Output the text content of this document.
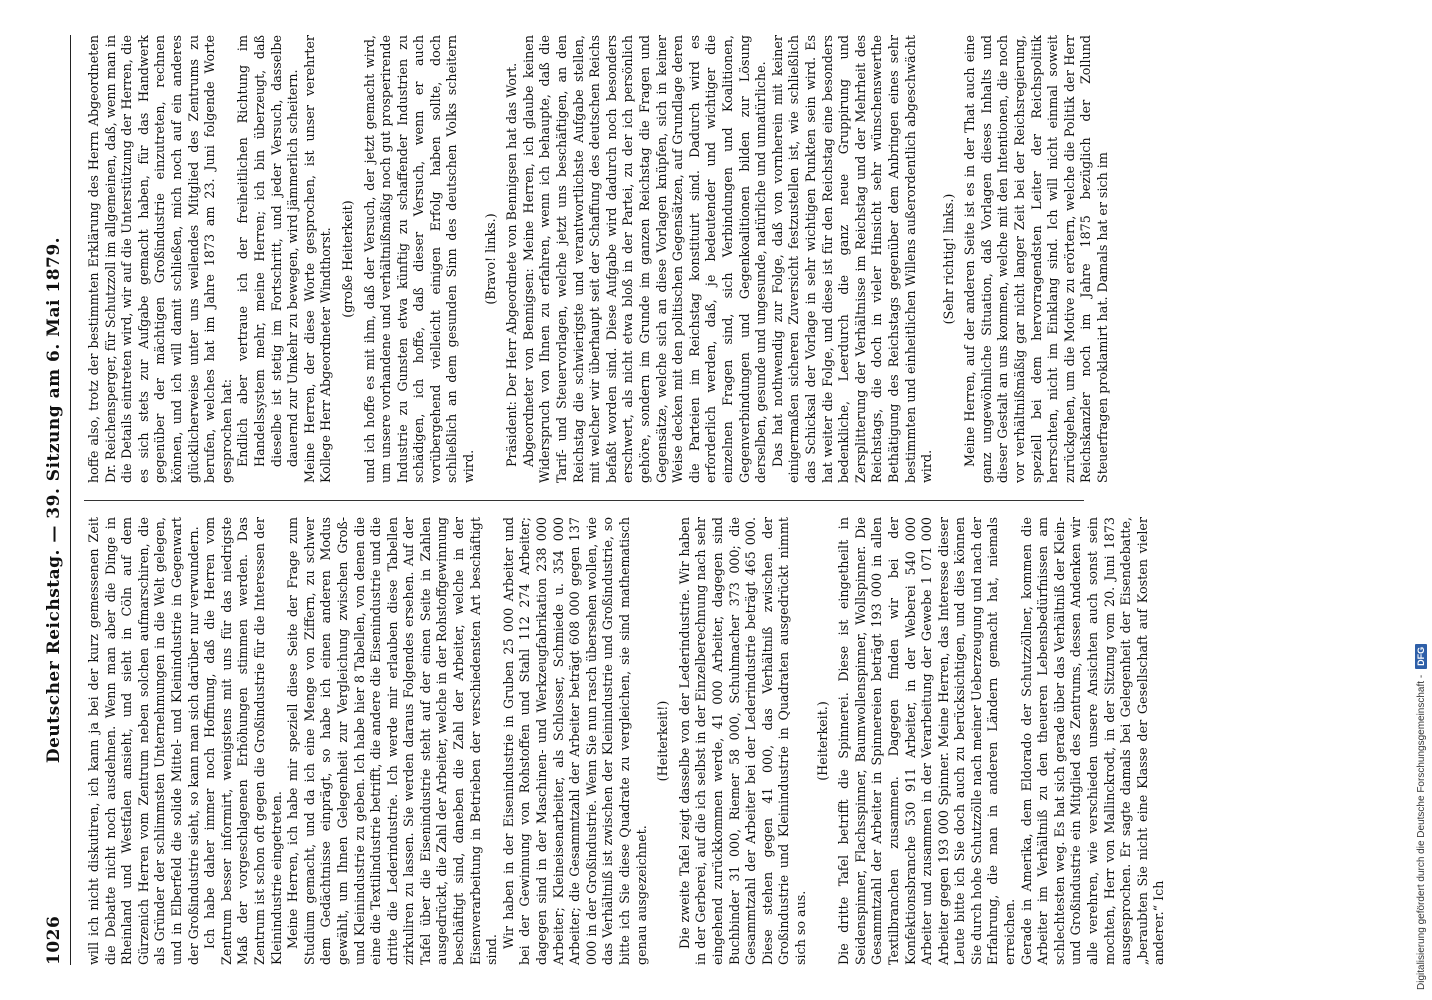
1026
Deutscher Reichstag. — 39. Sitzung am 6. Mai 1879. will ich nicht diskutiren, ich kann ja bei der kurz gemessenen Zeit die Debatte nicht noch ausdehnen. Wenn man aber die Dinge in Rheinland und Westfalen ansieht, und sieht in Cöln auf dem Gürzenich Herren vom Zentrum neben solchen aufmarschiren, die als Gründer der schlimmsten Unternehmungen in die Welt gelegen, und in Elberfeld die solide Mittel- und Kleinindustrie in Gegenwart der Großindustrie sieht, so kann man sich darüber nur verwundern. Ich habe daher immer noch Hoffnung, daß die Herren vom Zentrum besser informirt, wenigstens mit uns für das niedrigste Maß der vorgeschlagenen Erhöhungen stimmen werden. Das Zentrum ist schon oft gegen die Großindustrie für die Interessen der Kleinindustrie eingetreten. Meine Herren, ich habe mir speziell diese Seite der Frage zum Studium gemacht, und da ich eine Menge von Ziffern, zu schwer dem Gedächtnisse einprägt, so habe ich einen anderen Modus gewählt, um Ihnen Gelegenheit zur Vergleichung zwischen Groß- und Kleinindustrie zu geben. Ich habe hier 8 Tabellen, von denen die eine die Textilindustrie betrifft, die andere die Eisenindustrie und die dritte die Lederindustrie. Ich werde mir erlauben diese Tabellen zirkuliren zu lassen. Sie werden daraus Folgendes ersehen. Auf der Tafel über die Eisenindustrie steht auf der einen Seite in Zahlen ausgedrückt, die Zahl der Arbeiter, welche in der Rohstoffgewinnung beschäftigt sind, daneben die Zahl der Arbeiter, welche in der Eisenverarbeitung in Betrieben der verschiedensten Art beschäftigt sind.

Wir haben in der Eisenindustrie in Gruben 25 000 Arbeiter und bei der Gewinnung von Rohstoffen und Stahl 112 274 Arbeiter; dagegen sind in der Maschinen- und Werkzeugfabrikation 238 000 Arbeiter; Kleineisenarbeiter, als Schlosser, Schmiede u. 354 000 Arbeiter; die Gesammtzahl der Arbeiter beträgt 608 000 gegen 137 000 in der Großindustrie. Wenn Sie nun rasch übersehen wollen, wie das Verhältniß ist zwischen der Kleinindustrie und Großindustrie, so bitte ich Sie diese Quadrate zu vergleichen, sie sind mathematisch genau ausgezeichnet.

(Heiterkeit!) Die zweite Tafel zeigt dasselbe von der Lederindustrie. Wir haben in der Gerberei, auf die ich selbst in der Einzelberechnung nach sehr eingehend zurückkommen werde, 41 000 Arbeiter, dagegen sind Buchbinder 31 000, Riemer 58 000, Schuhmacher 373 000; die Gesammtzahl der Arbeiter bei der Lederindustrie beträgt 465 000. Diese stehen gegen 41 000, das Verhältniß zwischen der Großindustrie und Kleinindustrie in Quadraten ausgedrückt nimmt sich so aus.

(Heiterkeit.) Die dritte Tafel betrifft die Spinnerei. Diese ist eingetheilt in Seidenspinner, Flachsspinner, Baumwollenspinner, Wollspinner. Die Gesammtzahl der Arbeiter in Spinnereien beträgt 193 000 in allen Textilbranchen zusammen. Dagegen finden wir bei der Konfektionsbranche 530 911 Arbeiter, in der Weberei 540 000 Arbeiter und zusammen in der Verarbeitung der Gewebe 1 071 000 Arbeiter gegen 193 000 Spinner. Meine Herren, das Interesse dieser Leute bitte ich Sie doch auch zu berücksichtigen, und dies können Sie durch hohe Schutzzölle nach meiner Ueberzeugung und nach der Erfahrung, die man in anderen Ländern gemacht hat, niemals erreichen. Gerade in Amerika, dem Eldorado der Schutzzöllner, kommen die Arbeiter im Verhältniß zu den theueren Lebensbedürfnissen am schlechtesten weg. Es hat sich gerade über das Verhältniß der Klein- und Großindustrie ein Mitglied des Zentrums, dessen Andenken wir alle verehren, wie verschieden unsere Ansichten auch sonst sein mochten, Herr von Mallinckrodt, in der Sitzung vom 20. Juni 1873 ausgesprochen. Er sagte damals bei Gelegenheit der Eisendebatte, „beraubten Sie nicht eine Klasse der Gesellschaft auf Kosten vieler anderer.“ Ich

hoffe also, trotz der bestimmten Erklärung des Herrn Abgeordneten Dr. Reichensperger, für Schutzzoll im allgemeinen, daß, wenn man in die Details eintreten wird, wir auf die Unterstützung der Herren, die es sich stets zur Aufgabe gemacht haben, für das Handwerk gegenüber der mächtigen Großindustrie einzutreten, rechnen können, und ich will damit schließen, mich noch auf ein anderes glücklicherweise unter uns weilendes Mitglied des Zentrums zu berufen, welches hat im Jahre 1873 am 23. Juni folgende Worte gesprochen hat: Endlich aber vertraue ich der freiheitlichen Richtung im Handelssystem mehr, meine Herren; ich bin überzeugt, daß dieselbe ist stetig im Fortschritt, und jeder Versuch, dasselbe dauernd zur Umkehr zu bewegen, wird jämmerlich scheitern. Meine Herren, der diese Worte gesprochen, ist unser verehrter Kollege Herr Abgeordneter Windthorst. (große Heiterkeit) und ich hoffe es mit ihm, daß der Versuch, der jetzt gemacht wird, um unsere vorhandene und verhältnißmäßig noch gut prosperirende Industrie zu Gunsten etwa künftig zu schaffender Industrien zu schädigen, ich hoffe, daß dieser Versuch, wenn er auch vorübergehend vielleicht einigen Erfolg haben sollte, doch schließlich an dem gesunden Sinn des deutschen Volks scheitern wird.

(Bravo! links.) Präsident: Der Herr Abgeordnete von Bennigsen hat das Wort. Abgeordneter von Bennigsen: Meine Herren, ich glaube keinen Widerspruch von Ihnen zu erfahren, wenn ich behaupte, daß die Tarif- und Steuervorlagen, welche jetzt uns beschäftigen, an den Reichstag die schwierigste und verantwortlichste Aufgabe stellen, mit welcher wir überhaupt seit der Schaffung des deutschen Reichs befaßt worden sind. Diese Aufgabe wird dadurch noch besonders erschwert, als nicht etwa bloß in der Partei, zu der ich persönlich gehöre, sondern im Grunde im ganzen Reichstag die Fragen und Gegensätze, welche sich an diese Vorlagen knüpfen, sich in keiner Weise decken mit den politischen Gegensätzen, auf Grundlage deren die Parteien im Reichstag konstituirt sind. Dadurch wird es erforderlich werden, daß, je bedeutender und wichtiger die einzelnen Fragen sind, sich Verbindungen und Koalitionen, Gegenverbindungen und Gegenkoalitionen bilden zur Lösung derselben, gesunde und ungesunde, natürliche und unnatürliche. Das hat nothwendig zur Folge, daß von vornherein mit keiner einigermaßen sicheren Zuversicht festzustellen ist, wie schließlich das Schicksal der Vorlage in sehr wichtigen Punkten sein wird. Es hat weiter die Folge, und diese ist für den Reichstag eine besonders bedenkliche, Leerdurch die ganz neue Gruppirung und Zersplitterung der Verhältnisse im Reichstag und der Mehrheit des Reichstags, die doch in vieler Hinsicht sehr wünschenswerthe Bethätigung des Reichstags gegenüber dem Anbringen eines sehr bestimmten und einheitlichen Willens außerordentlich abgeschwächt wird.

(Sehr richtig! links.) Meine Herren, auf der anderen Seite ist es in der That auch eine ganz ungewöhnliche Situation, daß Vorlagen dieses Inhalts und dieser Gestalt an uns kommen, welche mit den Intentionen, die noch vor verhältnißmäßig gar nicht langer Zeit bei der Reichsregierung, speziell bei dem hervorragendsten Leiter der Reichspolitik herrschten, nicht im Einklang sind. Ich will nicht einmal soweit zurückgehen, um die Motive zu erörtern, welche die Politik der Herr Reichskanzler noch im Jahre 1875 bezüglich der Zollund Steuerfragen proklamirt hat. Damals hat er sich im

Digitalisierung gefördert durch die Deutsche Forschungsgemeinschaft -DFG
